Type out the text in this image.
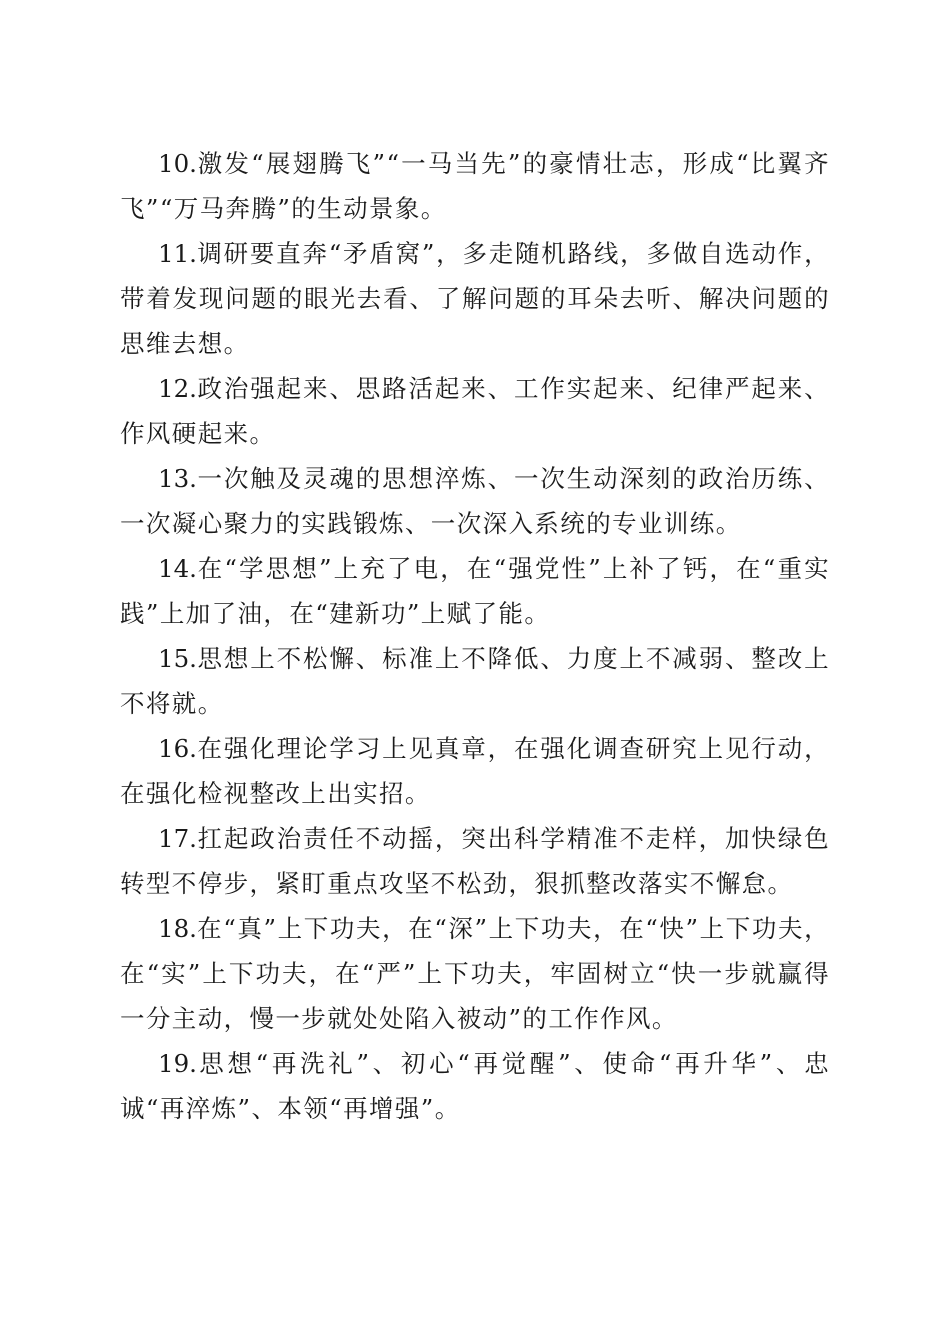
10.激发“展翅腾飞”“一马当先”的豪情壮志，形成“比翼齐飞”“万马奔腾”的生动景象。

11.调研要直奔“矛盾窝”，多走随机路线，多做自选动作，带着发现问题的眼光去看、了解问题的耳朵去听、解决问题的思维去想。

12.政治强起来、思路活起来、工作实起来、纪律严起来、作风硬起来。

13.一次触及灵魂的思想淬炼、一次生动深刻的政治历练、一次凝心聚力的实践锻炼、一次深入系统的专业训练。

14.在“学思想”上充了电，在“强党性”上补了钙，在“重实践”上加了油，在“建新功”上赋了能。

15.思想上不松懈、标准上不降低、力度上不减弱、整改上不将就。

16.在强化理论学习上见真章，在强化调查研究上见行动，在强化检视整改上出实招。

17.扛起政治责任不动摇，突出科学精准不走样，加快绿色转型不停步，紧盯重点攻坚不松劲，狠抓整改落实不懈怠。

18.在“真”上下功夫，在“深”上下功夫，在“快”上下功夫，在“实”上下功夫，在“严”上下功夫，牢固树立“快一步就赢得一分主动，慢一步就处处陷入被动”的工作作风。

19.思想“再洗礼”、初心“再觉醒”、使命“再升华”、忠诚“再淬炼”、本领“再增强”。
